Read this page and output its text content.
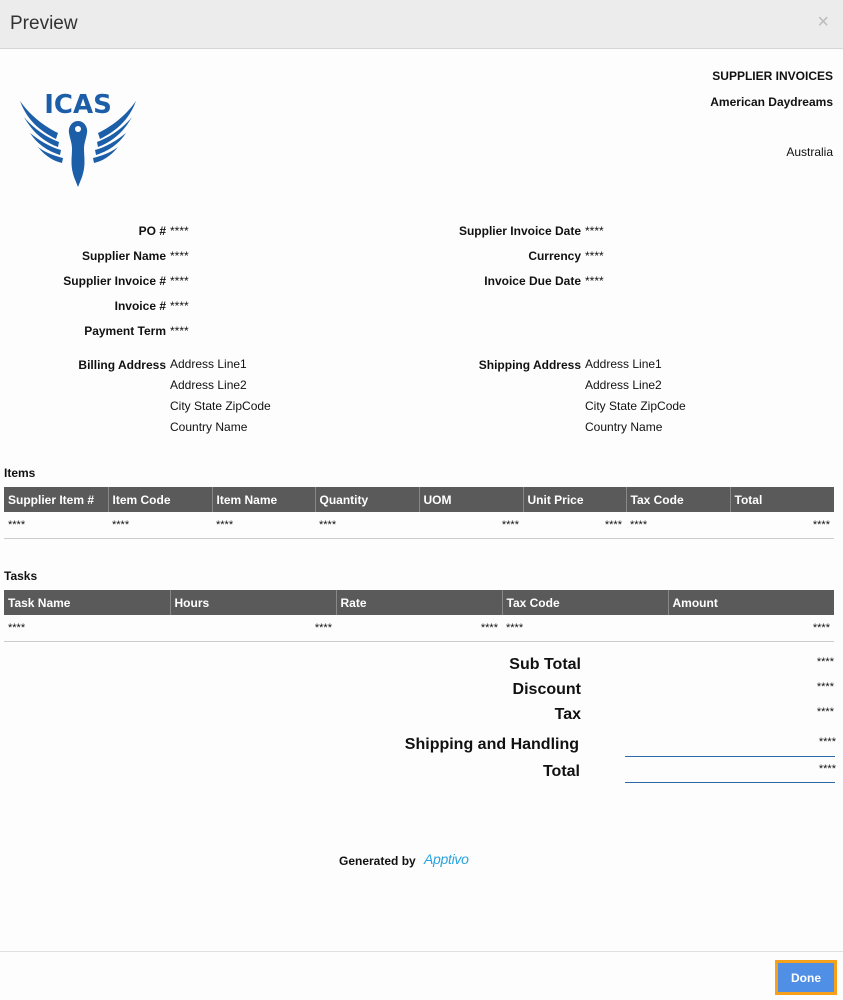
Preview	×
ICAS
SUPPLIER INVOICES
American Daydreams
Australia
PO # ****
Supplier Name ****
Supplier Invoice # ****
Invoice # ****
Payment Term ****
Supplier Invoice Date ****
Currency ****
Invoice Due Date ****
Billing Address Address Line1
Address Line2
City State ZipCode
Country Name
Shipping Address Address Line1
Address Line2
City State ZipCode
Country Name
Items
Supplier Item #	Item Code	Item Name	Quantity	UOM	Unit Price	Tax Code	Total
****	****	****	****	****	****	****	****
Tasks
Task Name	Hours	Rate	Tax Code	Amount
****	****	****	****	****
Sub Total	****
Discount	****
Tax	****
Shipping and Handling	****
Total	****
Generated by Apptivo
Done
